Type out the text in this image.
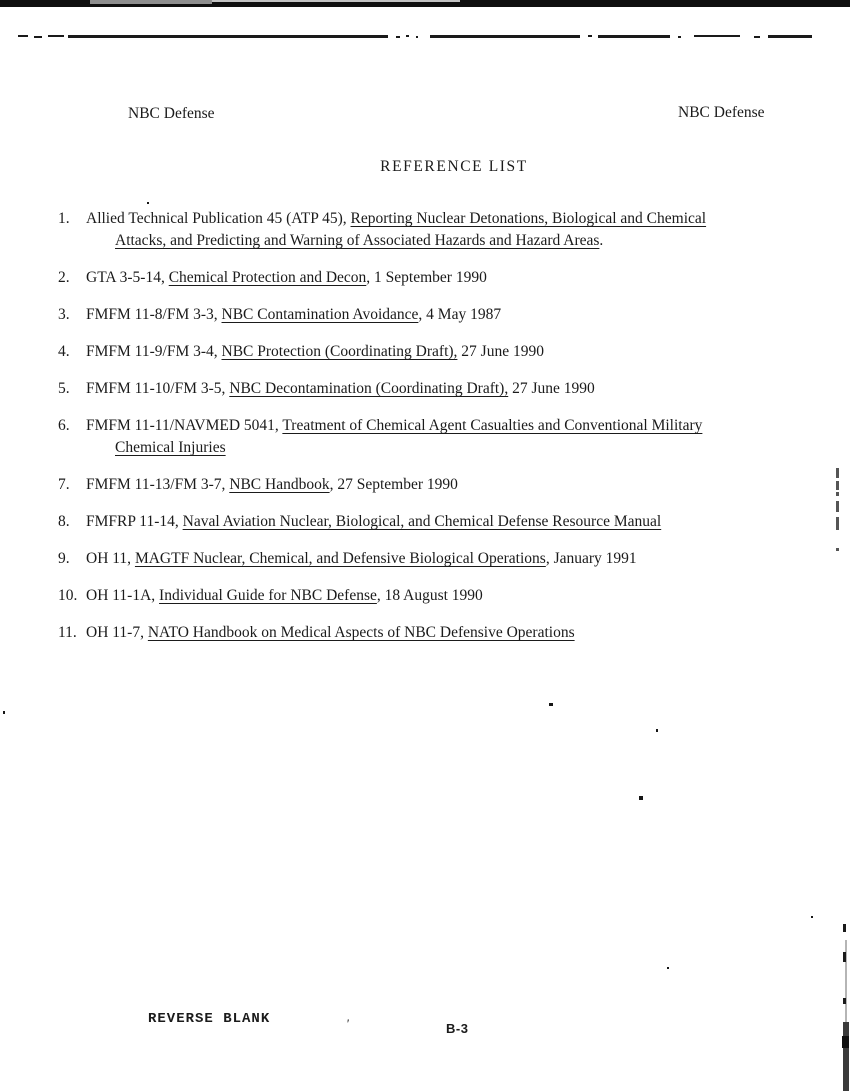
NBC Defense	NBC Defense
REFERENCE LIST
1. Allied Technical Publication 45 (ATP 45), Reporting Nuclear Detonations, Biological and Chemical
Attacks, and Predicting and Warning of Associated Hazards and Hazard Areas.
2. GTA 3-5-14, Chemical Protection and Decon, 1 September 1990
3. FMFM 11-8/FM 3-3, NBC Contamination Avoidance, 4 May 1987
4. FMFM 11-9/FM 3-4, NBC Protection (Coordinating Draft), 27 June 1990
5. FMFM 11-10/FM 3-5, NBC Decontamination (Coordinating Draft), 27 June 1990
6. FMFM 11-11/NAVMED 5041, Treatment of Chemical Agent Casualties and Conventional Military
Chemical Injuries
7. FMFM 11-13/FM 3-7, NBC Handbook, 27 September 1990
8. FMFRP 11-14, Naval Aviation Nuclear, Biological, and Chemical Defense Resource Manual
9. OH 11, MAGTF Nuclear, Chemical, and Defensive Biological Operations, January 1991
10. OH 11-1A, Individual Guide for NBC Defense, 18 August 1990
11. OH 11-7, NATO Handbook on Medical Aspects of NBC Defensive Operations
REVERSE BLANK	'	B-3
